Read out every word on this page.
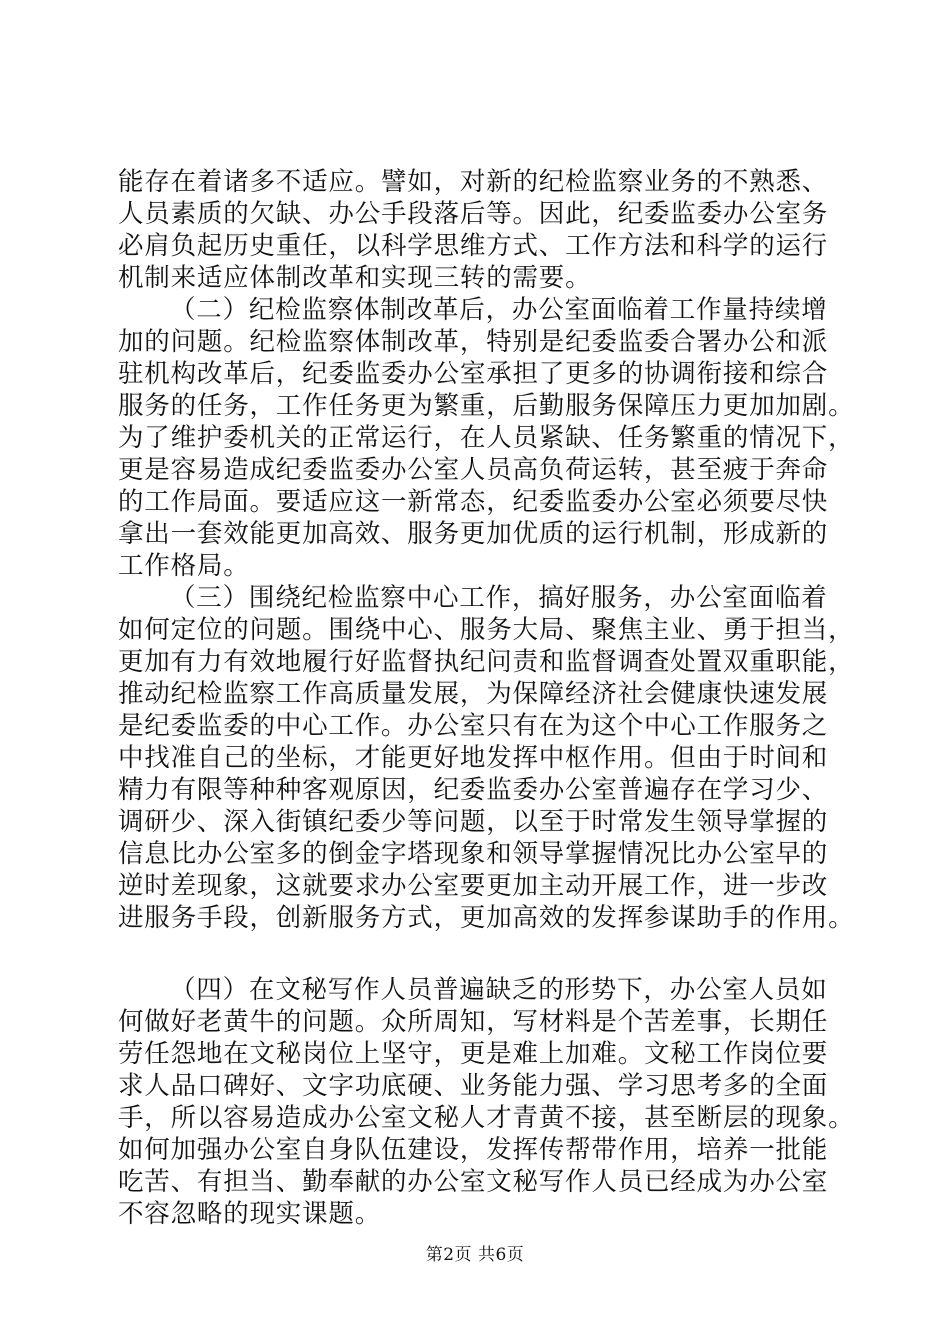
能存在着诸多不适应。譬如，对新的纪检监察业务的不熟悉、
人员素质的欠缺、办公手段落后等。因此，纪委监委办公室务
必肩负起历史重任，以科学思维方式、工作方法和科学的运行
机制来适应体制改革和实现三转的需要。
（二）纪检监察体制改革后，办公室面临着工作量持续增
加的问题。纪检监察体制改革，特别是纪委监委合署办公和派
驻机构改革后，纪委监委办公室承担了更多的协调衔接和综合
服务的任务，工作任务更为繁重，后勤服务保障压力更加加剧。
为了维护委机关的正常运行，在人员紧缺、任务繁重的情况下，
更是容易造成纪委监委办公室人员高负荷运转，甚至疲于奔命
的工作局面。要适应这一新常态，纪委监委办公室必须要尽快
拿出一套效能更加高效、服务更加优质的运行机制，形成新的
工作格局。
（三）围绕纪检监察中心工作，搞好服务，办公室面临着
如何定位的问题。围绕中心、服务大局、聚焦主业、勇于担当，
更加有力有效地履行好监督执纪问责和监督调查处置双重职能，
推动纪检监察工作高质量发展，为保障经济社会健康快速发展
是纪委监委的中心工作。办公室只有在为这个中心工作服务之
中找准自己的坐标，才能更好地发挥中枢作用。但由于时间和
精力有限等种种客观原因，纪委监委办公室普遍存在学习少、
调研少、深入街镇纪委少等问题，以至于时常发生领导掌握的
信息比办公室多的倒金字塔现象和领导掌握情况比办公室早的
逆时差现象，这就要求办公室要更加主动开展工作，进一步改
进服务手段，创新服务方式，更加高效的发挥参谋助手的作用。
（四）在文秘写作人员普遍缺乏的形势下，办公室人员如
何做好老黄牛的问题。众所周知，写材料是个苦差事，长期任
劳任怨地在文秘岗位上坚守，更是难上加难。文秘工作岗位要
求人品口碑好、文字功底硬、业务能力强、学习思考多的全面
手，所以容易造成办公室文秘人才青黄不接，甚至断层的现象。
如何加强办公室自身队伍建设，发挥传帮带作用，培养一批能
吃苦、有担当、勤奉献的办公室文秘写作人员已经成为办公室
不容忽略的现实课题。
第2页 共6页
